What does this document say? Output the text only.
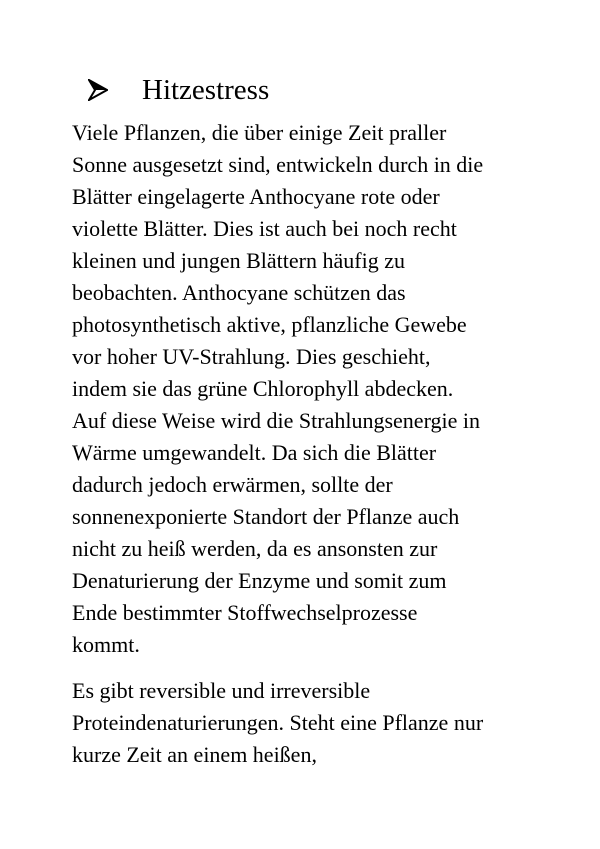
Hitzestress

Viele Pflanzen, die über einige Zeit praller
Sonne ausgesetzt sind, entwickeln durch in die
Blätter eingelagerte Anthocyane rote oder
violette Blätter. Dies ist auch bei noch recht
kleinen und jungen Blättern häufig zu
beobachten. Anthocyane schützen das
photosynthetisch aktive, pflanzliche Gewebe
vor hoher UV-Strahlung. Dies geschieht,
indem sie das grüne Chlorophyll abdecken.
Auf diese Weise wird die Strahlungsenergie in
Wärme umgewandelt. Da sich die Blätter
dadurch jedoch erwärmen, sollte der
sonnenexponierte Standort der Pflanze auch
nicht zu heiß werden, da es ansonsten zur
Denaturierung der Enzyme und somit zum
Ende bestimmter Stoffwechselprozesse
kommt.

Es gibt reversible und irreversible
Proteindenaturierungen. Steht eine Pflanze nur
kurze Zeit an einem heißen,
